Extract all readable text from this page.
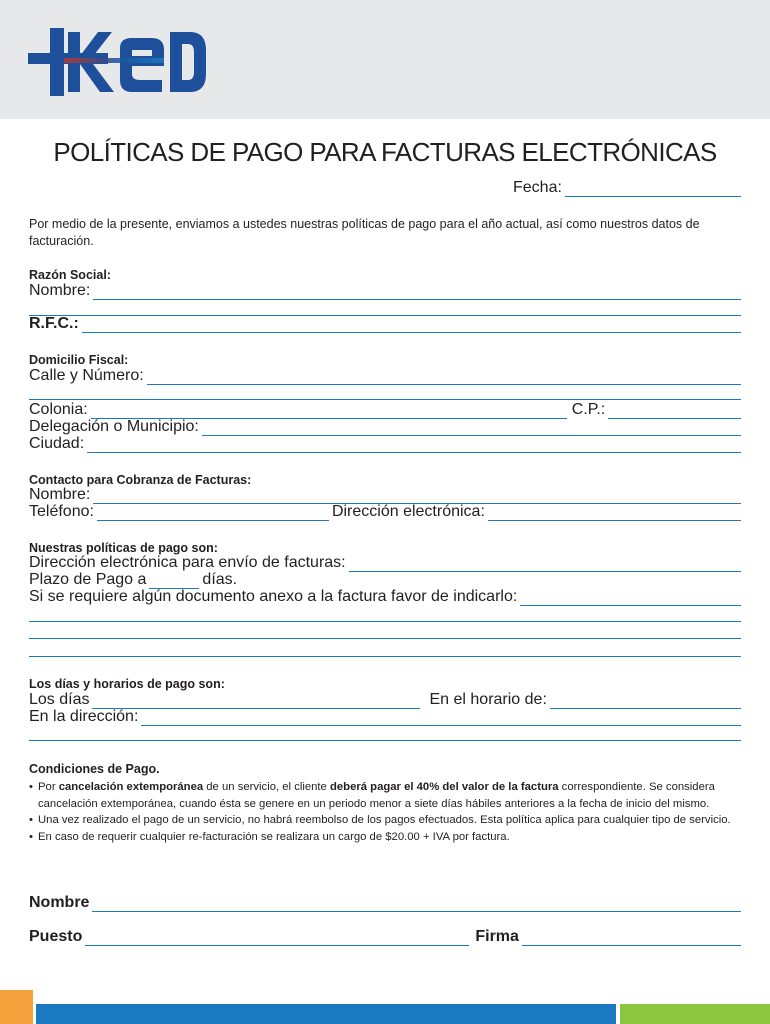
KED
POLÍTICAS DE PAGO PARA FACTURAS ELECTRÓNICAS
Fecha:
Por medio de la presente, enviamos a ustedes nuestras políticas de pago para el año actual, así como nuestros datos de facturación.
Razón Social:
Nombre:
R.F.C.:
Domicilio Fiscal:
Calle y Número:
Colonia:	C.P.:
Delegación o Municipio:
Ciudad:
Contacto para Cobranza de Facturas:
Nombre:
Teléfono:	Dirección electrónica:
Nuestras políticas de pago son:
Dirección electrónica para envío de facturas:
Plazo de Pago a	días.
Si se requiere algún documento anexo a la factura favor de indicarlo:
Los días y horarios de pago son:
Los días	En el horario de:
En la dirección:
Condiciones de Pago.
• Por cancelación extemporánea de un servicio, el cliente deberá pagar el 40% del valor de la factura correspondiente. Se considera cancelación extemporánea, cuando ésta se genere en un periodo menor a siete días hábiles anteriores a la fecha de inicio del mismo.
• Una vez realizado el pago de un servicio, no habrá reembolso de los pagos efectuados. Esta política aplica para cualquier tipo de servicio.
• En caso de requerir cualquier re-facturación se realizara un cargo de $20.00 + IVA por factura.
Nombre
Puesto	Firma
